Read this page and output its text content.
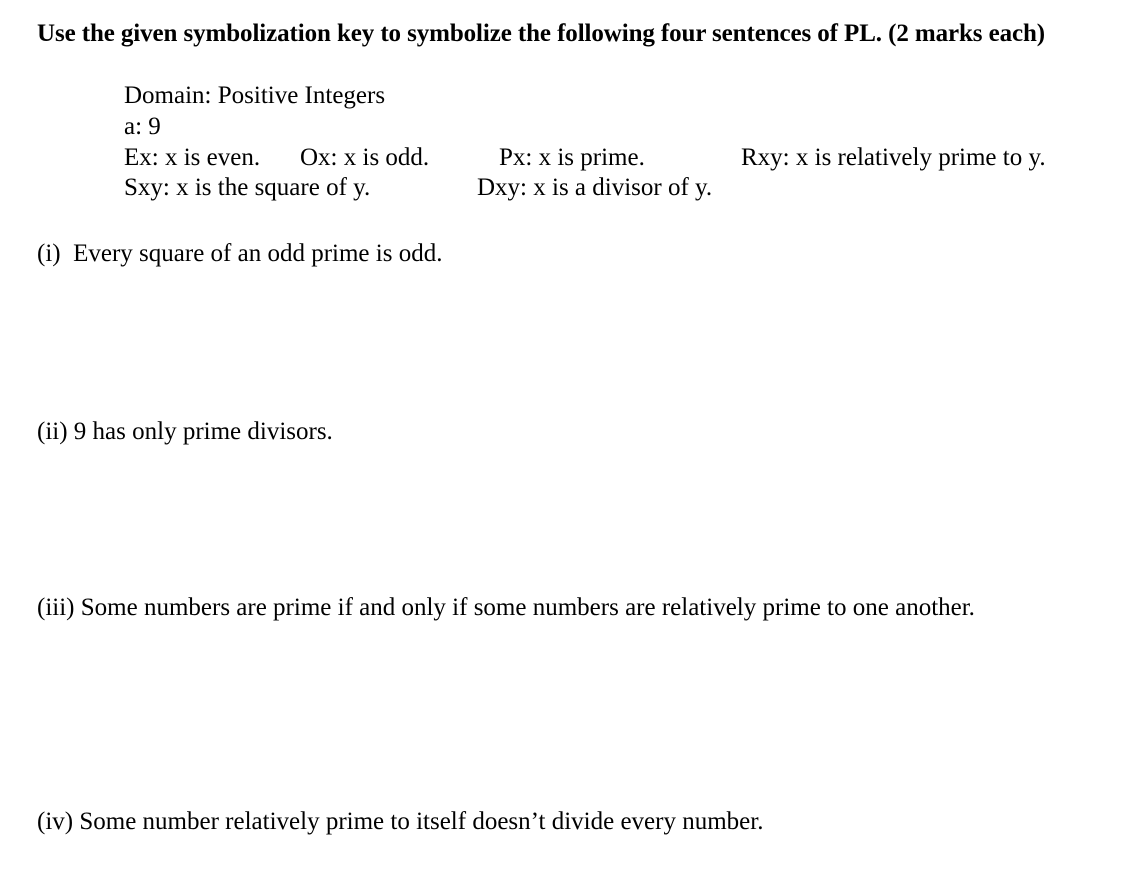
Use the given symbolization key to symbolize the following four sentences of PL. (2 marks each)
Domain: Positive Integers
a: 9
Ex: x is even. Ox: x is odd.	Px: x is prime.	Rxy: x is relatively prime to y.
Sxy: x is the square of y.	Dxy: x is a divisor of y.
(i) Every square of an odd prime is odd.
(ii) 9 has only prime divisors.
(iii) Some numbers are prime if and only if some numbers are relatively prime to one another.
(iv) Some number relatively prime to itself doesn’t divide every number.
